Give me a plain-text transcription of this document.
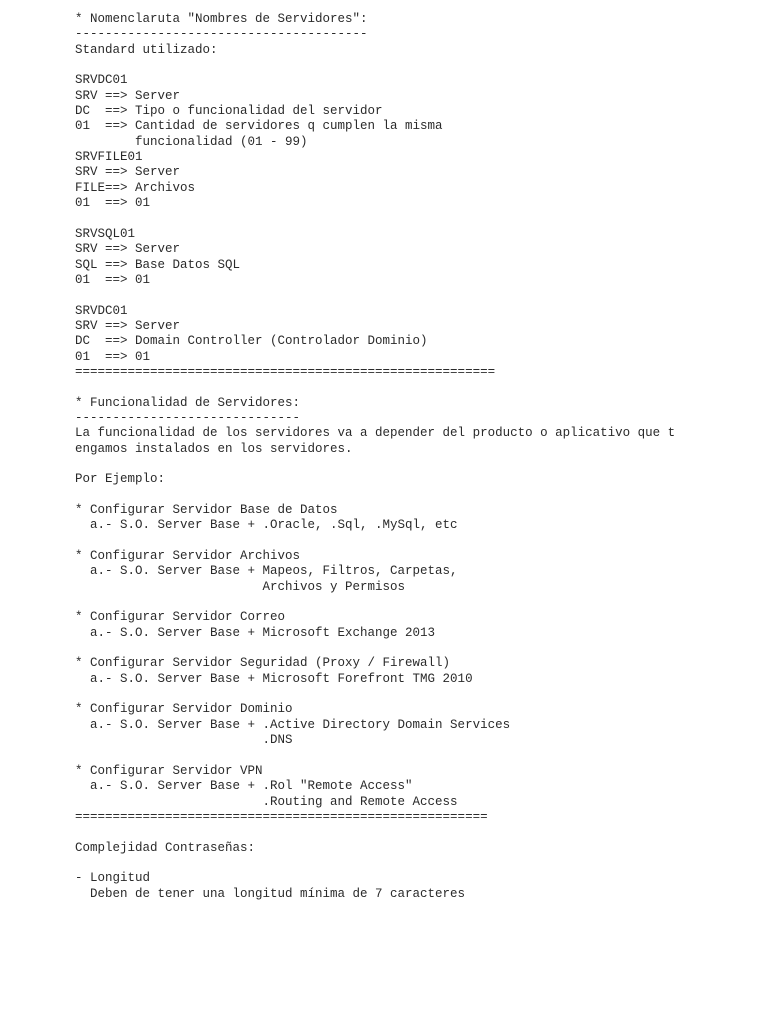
* Nomenclaruta "Nombres de Servidores":
---------------------------------------
Standard utilizado:
SRVDC01
SRV ==> Server
DC  ==> Tipo o funcionalidad del servidor
01  ==> Cantidad de servidores q cumplen la misma
funcionalidad (01 - 99)
SRVFILE01
SRV ==> Server
FILE==> Archivos
01  ==> 01
SRVSQL01
SRV ==> Server
SQL ==> Base Datos SQL
01  ==> 01
SRVDC01
SRV ==> Server
DC  ==> Domain Controller (Controlador Dominio)
01  ==> 01
========================================================
* Funcionalidad de Servidores:
------------------------------
La funcionalidad de los servidores va a depender del producto o aplicativo que t
engamos instalados en los servidores.
Por Ejemplo:
* Configurar Servidor Base de Datos
a.- S.O. Server Base + .Oracle, .Sql, .MySql, etc
* Configurar Servidor Archivos
a.- S.O. Server Base + Mapeos, Filtros, Carpetas,
Archivos y Permisos
* Configurar Servidor Correo
a.- S.O. Server Base + Microsoft Exchange 2013
* Configurar Servidor Seguridad (Proxy / Firewall)
a.- S.O. Server Base + Microsoft Forefront TMG 2010
* Configurar Servidor Dominio
a.- S.O. Server Base + .Active Directory Domain Services
.DNS
* Configurar Servidor VPN
a.- S.O. Server Base + .Rol "Remote Access"
.Routing and Remote Access
=======================================================
Complejidad Contraseñas:
- Longitud
Deben de tener una longitud mínima de 7 caracteres
